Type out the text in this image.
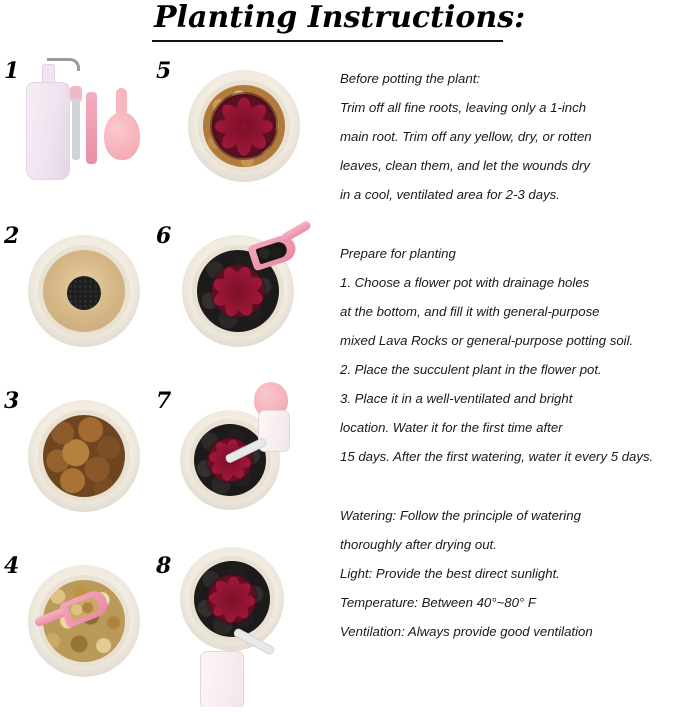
Planting Instructions:
1
2
3
4
5
6
7
8

Before potting the plant:

Trim off all fine roots, leaving only a 1-inch

main root. Trim off any yellow, dry, or rotten

leaves, clean them, and let the wounds dry

in a cool, ventilated area for 2-3 days.

Prepare for planting

1. Choose a flower pot with drainage holes

at the bottom, and fill it with general-purpose

mixed Lava Rocks or general-purpose potting soil.

2. Place the succulent plant in the flower pot.

3. Place it in a well-ventilated and bright

location. Water it for the first time after

15 days. After the first watering, water it every 5 days.

Watering: Follow the principle of watering

thoroughly after drying out.

Light: Provide the best direct sunlight.

Temperature: Between 40°~80° F

Ventilation: Always provide good ventilation
